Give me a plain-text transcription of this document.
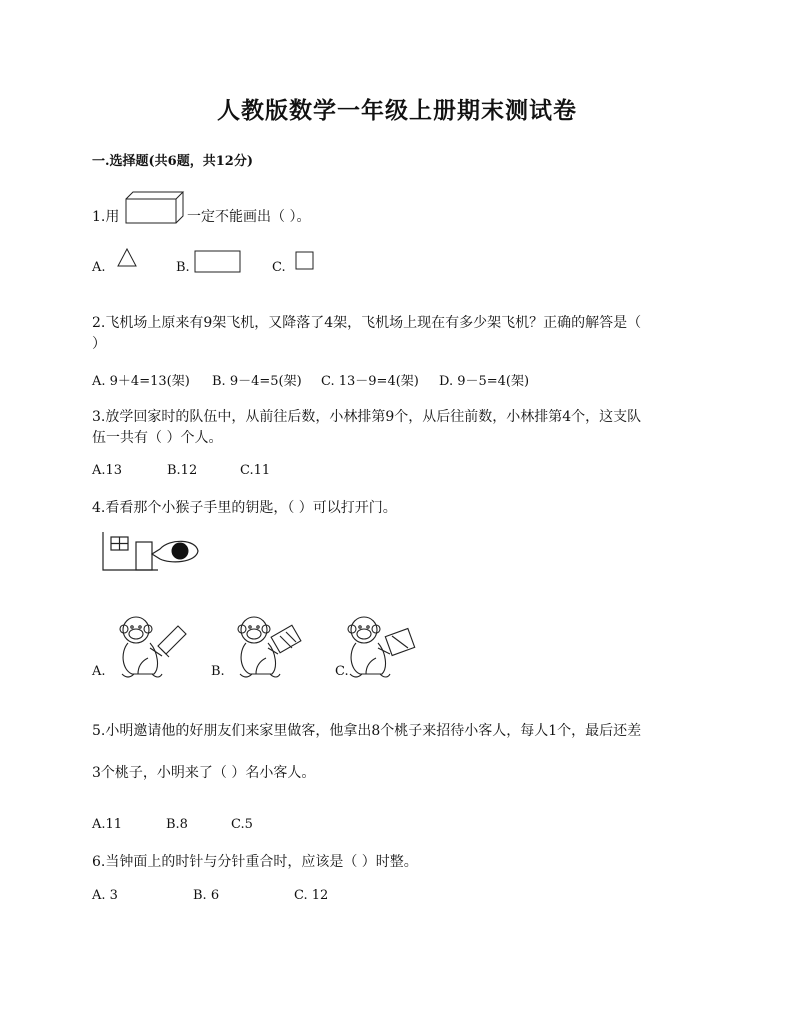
人教版数学一年级上册期末测试卷
一.选择题(共6题，共12分)
1.用	一定不能画出（ ）。
A.	B.	C.
2.飞机场上原来有9架飞机，又降落了4架，飞机场上现在有多少架飞机？正确的解答是（
）
A. 9＋4=13(架) B. 9－4=5(架) C. 13－9=4(架) D. 9－5=4(架)
3.放学回家时的队伍中，从前往后数，小林排第9个，从后往前数，小林排第4个，这支队
伍一共有（ ）个人。
A.13	B.12	C.11
4.看看那个小猴子手里的钥匙，（ ）可以打开门。
A.	B.	C.
5.小明邀请他的好朋友们来家里做客，他拿出8个桃子来招待小客人，每人1个，最后还差
3个桃子，小明来了（ ）名小客人。
A.11	B.8	C.5
6.当钟面上的时针与分针重合时，应该是（ ）时整。
A. 3	B. 6	C. 12
